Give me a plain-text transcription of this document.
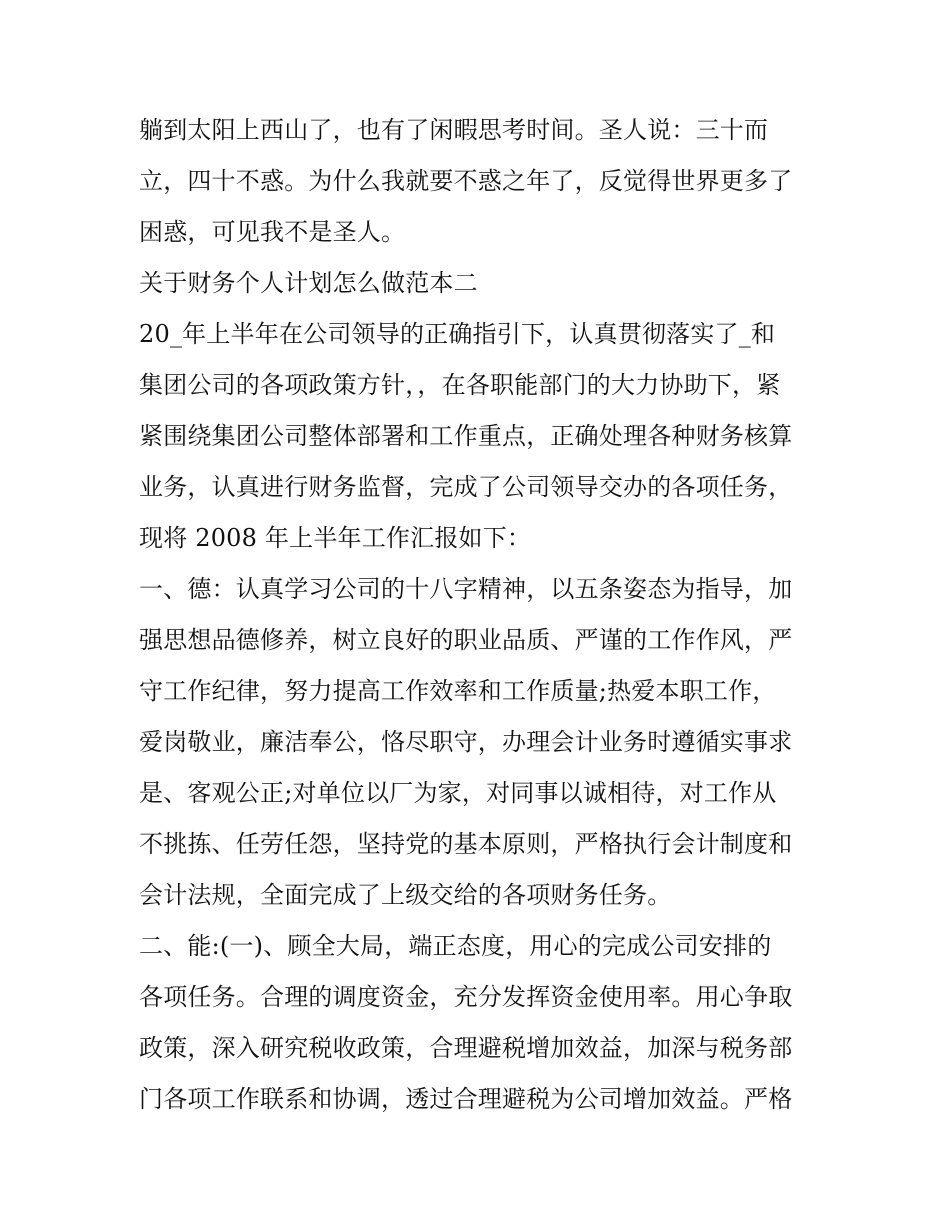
躺到太阳上西山了，也有了闲暇思考时间。圣人说：三十而
立，四十不惑。为什么我就要不惑之年了，反觉得世界更多了
困惑，可见我不是圣人。
关于财务个人计划怎么做范本二
20_年上半年在公司领导的正确指引下，认真贯彻落实了_和
集团公司的各项政策方针，，在各职能部门的大力协助下，紧
紧围绕集团公司整体部署和工作重点，正确处理各种财务核算
业务，认真进行财务监督，完成了公司领导交办的各项任务，
现将 2008 年上半年工作汇报如下：
一、德：认真学习公司的十八字精神，以五条姿态为指导，加
强思想品德修养，树立良好的职业品质、严谨的工作作风，严
守工作纪律，努力提高工作效率和工作质量;热爱本职工作，
爱岗敬业，廉洁奉公，恪尽职守，办理会计业务时遵循实事求
是、客观公正;对单位以厂为家，对同事以诚相待，对工作从
不挑拣、任劳任怨，坚持党的基本原则，严格执行会计制度和
会计法规，全面完成了上级交给的各项财务任务。
二、能:(一)、顾全大局，端正态度，用心的完成公司安排的
各项任务。合理的调度资金，充分发挥资金使用率。用心争取
政策，深入研究税收政策，合理避税增加效益，加深与税务部
门各项工作联系和协调，透过合理避税为公司增加效益。严格
